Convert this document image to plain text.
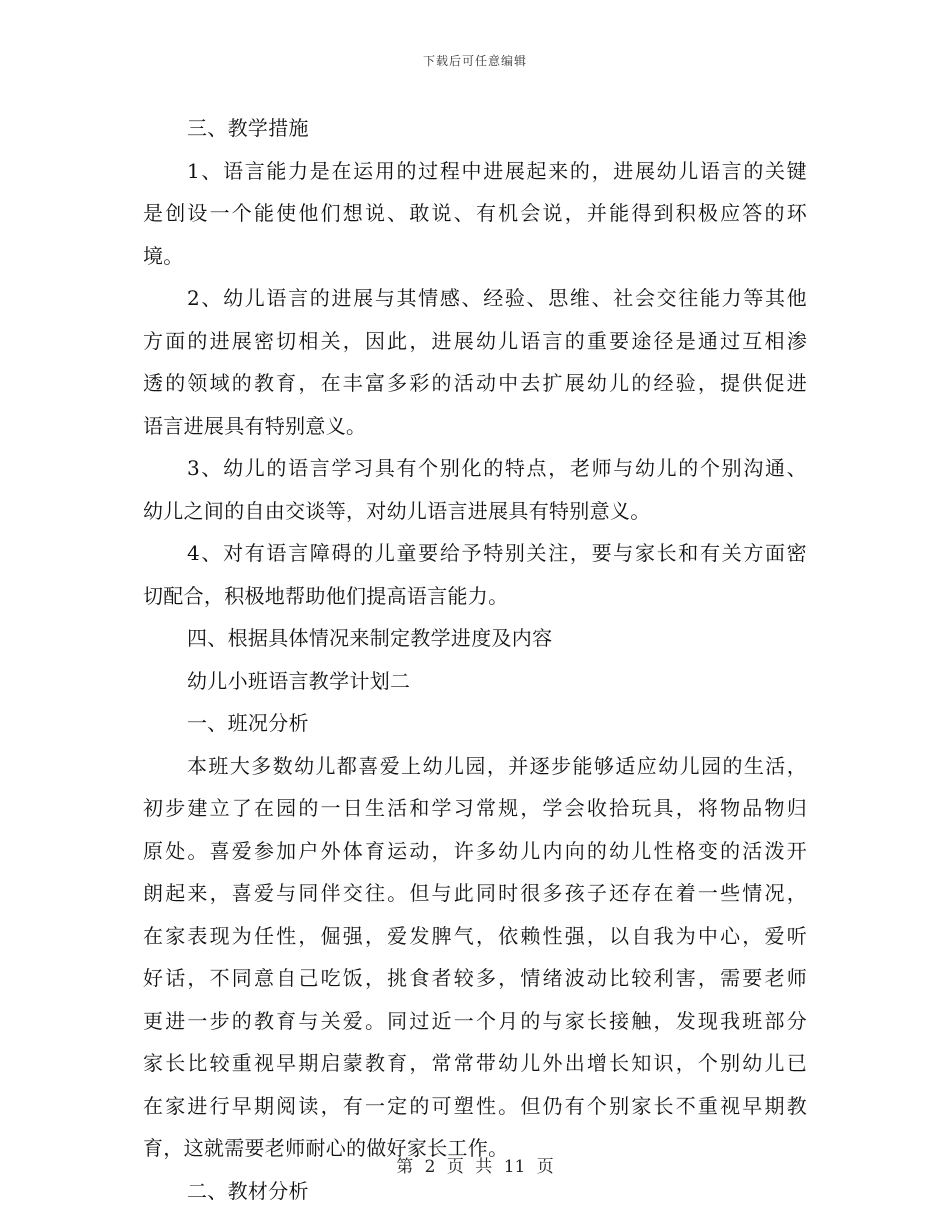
下载后可任意编辑
三、教学措施
1、语言能力是在运用的过程中进展起来的，进展幼儿语言的关键
是创设一个能使他们想说、敢说、有机会说，并能得到积极应答的环
境。
2、幼儿语言的进展与其情感、经验、思维、社会交往能力等其他
方面的进展密切相关，因此，进展幼儿语言的重要途径是通过互相渗
透的领域的教育，在丰富多彩的活动中去扩展幼儿的经验，提供促进
语言进展具有特别意义。
3、幼儿的语言学习具有个别化的特点，老师与幼儿的个别沟通、
幼儿之间的自由交谈等，对幼儿语言进展具有特别意义。
4、对有语言障碍的儿童要给予特别关注，要与家长和有关方面密
切配合，积极地帮助他们提高语言能力。
四、根据具体情况来制定教学进度及内容
幼儿小班语言教学计划二
一、班况分析
本班大多数幼儿都喜爱上幼儿园，并逐步能够适应幼儿园的生活，
初步建立了在园的一日生活和学习常规，学会收拾玩具，将物品物归
原处。喜爱参加户外体育运动，许多幼儿内向的幼儿性格变的活泼开
朗起来，喜爱与同伴交往。但与此同时很多孩子还存在着一些情况，
在家表现为任性，倔强，爱发脾气，依赖性强，以自我为中心，爱听
好话，不同意自己吃饭，挑食者较多，情绪波动比较利害，需要老师
更进一步的教育与关爱。同过近一个月的与家长接触，发现我班部分
家长比较重视早期启蒙教育，常常带幼儿外出增长知识，个别幼儿已
在家进行早期阅读，有一定的可塑性。但仍有个别家长不重视早期教
育，这就需要老师耐心的做好家长工作。
二、教材分析
第 2 页 共 11 页
